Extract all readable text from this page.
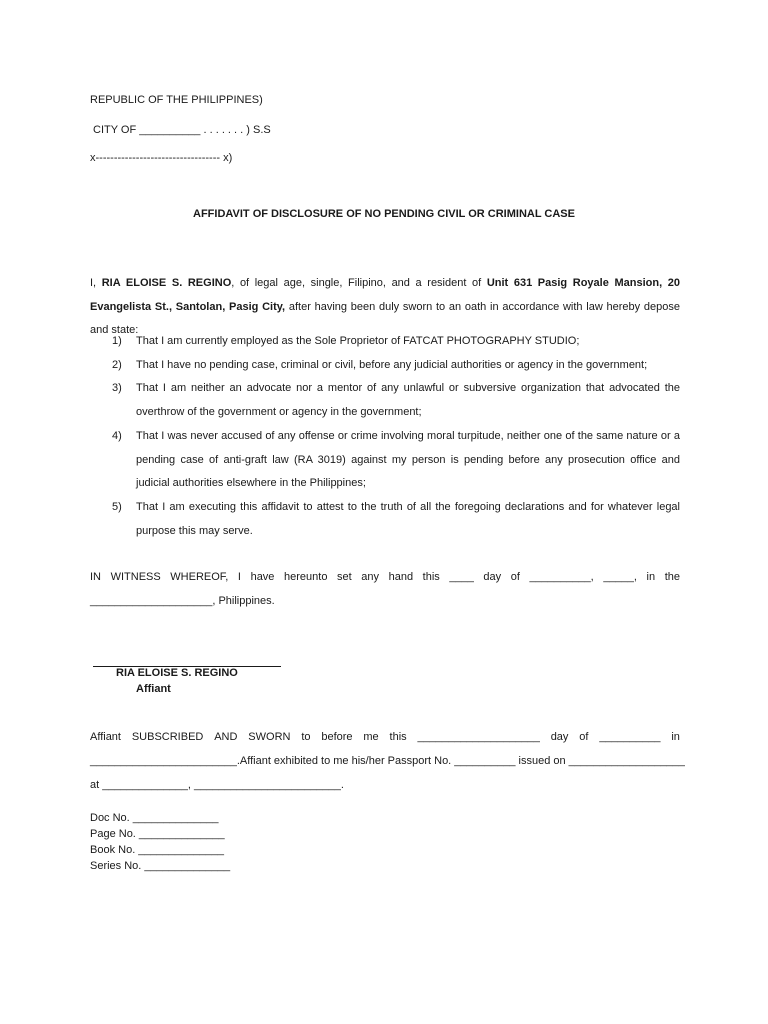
REPUBLIC OF THE PHILIPPINES)
CITY OF __________ . . . . . . . ) S.S
x---------------------------------- x)
AFFIDAVIT OF DISCLOSURE OF NO PENDING CIVIL OR CRIMINAL CASE
I, RIA ELOISE S. REGINO, of legal age, single, Filipino, and a resident of Unit 631 Pasig Royale Mansion, 20 Evangelista St., Santolan, Pasig City, after having been duly sworn to an oath in accordance with law hereby depose and state:
1) That I am currently employed as the Sole Proprietor of FATCAT PHOTOGRAPHY STUDIO;
2) That I have no pending case, criminal or civil, before any judicial authorities or agency in the government;
3) That I am neither an advocate nor a mentor of any unlawful or subversive organization that advocated the overthrow of the government or agency in the government;
4) That I was never accused of any offense or crime involving moral turpitude, neither one of the same nature or a pending case of anti-graft law (RA 3019) against my person is pending before any prosecution office and judicial authorities elsewhere in the Philippines;
5) That I am executing this affidavit to attest to the truth of all the foregoing declarations and for whatever legal purpose this may serve.
IN WITNESS WHEREOF, I have hereunto set any hand this ____ day of __________, _____, in the ____________________, Philippines.
RIA ELOISE S. REGINO
Affiant
Affiant SUBSCRIBED AND SWORN to before me this ____________________ day of __________ in
________________________. Affiant exhibited to me his/her Passport No. __________ issued on ___________________
at ______________, ________________________.
Doc No. ______________
Page No. ______________
Book No. ______________
Series No. ______________
